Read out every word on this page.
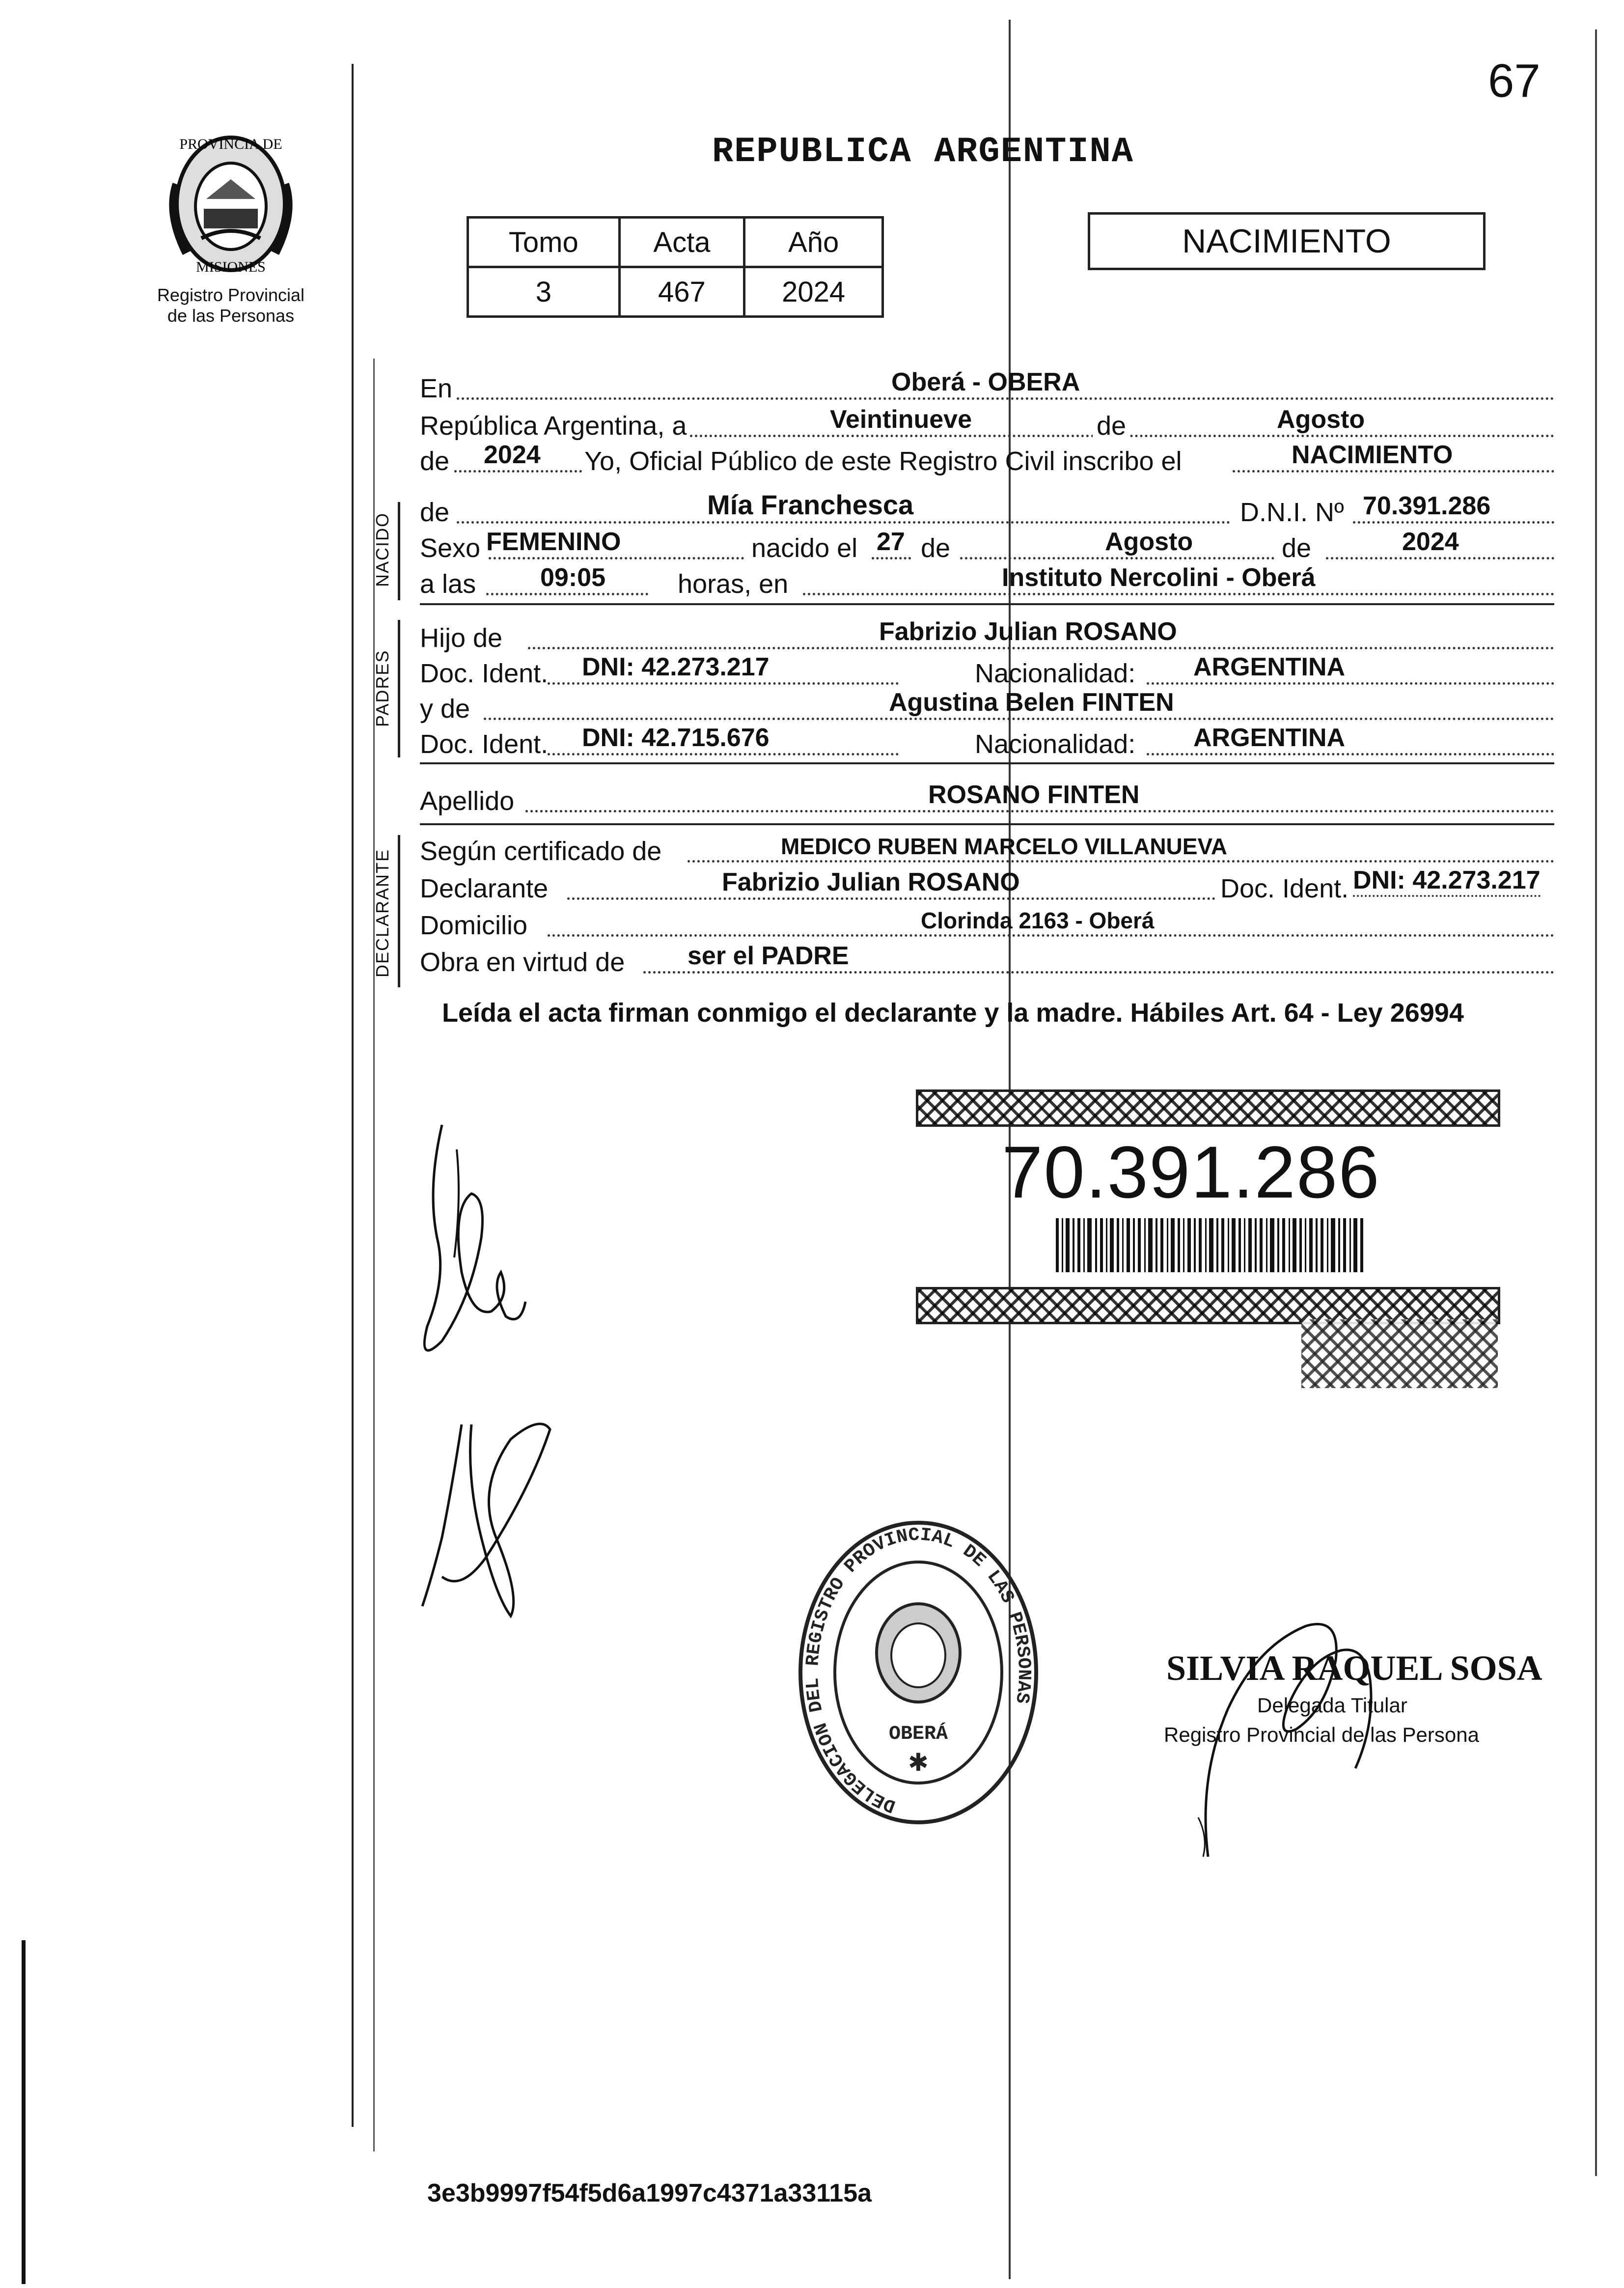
67
PROVINCIA DE
MISIONES
Registro Provincial
de las Personas
REPUBLICA ARGENTINA
Tomo	Acta	Año
3	467	2024
NACIMIENTO
En	Oberá - OBERA
República Argentina, a	Veintinueve	de	Agosto
de 2024 Yo, Oficial Público de este Registro Civil inscribo el	NACIMIENTO
NACIDO de	Mía Franchesca	D.N.I. Nº 70.391.286
Sexo FEMENINO	nacido el 27 de	Agosto	de	2024
a las	09:05	horas, en	Instituto Nercolini - Oberá
PADRES
Hijo de	Fabrizio Julian ROSANO
Doc. Ident. DNI: 42.273.217	Nacionalidad: ARGENTINA
y de	Agustina Belen FINTEN
Doc. Ident. DNI: 42.715.676	Nacionalidad: ARGENTINA
Apellido	ROSANO FINTEN
DECLARANTE Según certificado de	MEDICO RUBEN MARCELO VILLANUEVA
Declarante	Fabrizio Julian ROSANO	Doc. Ident. DNI: 42.273.217
Domicilio	Clorinda 2163 - Oberá
Obra en virtud de ser el PADRE
Leída el acta firman conmigo el declarante y la madre. Hábiles Art. 64 - Ley 26994
70.391.286
DELEGACION DEL REGISTRO PROVINCIAL DE LAS PERSONAS
OBERÁ
✱
SILVIA RAQUEL SOSA
Delegada Titular
Registro Provincial de las Persona
3e3b9997f54f5d6a1997c4371a33115a
